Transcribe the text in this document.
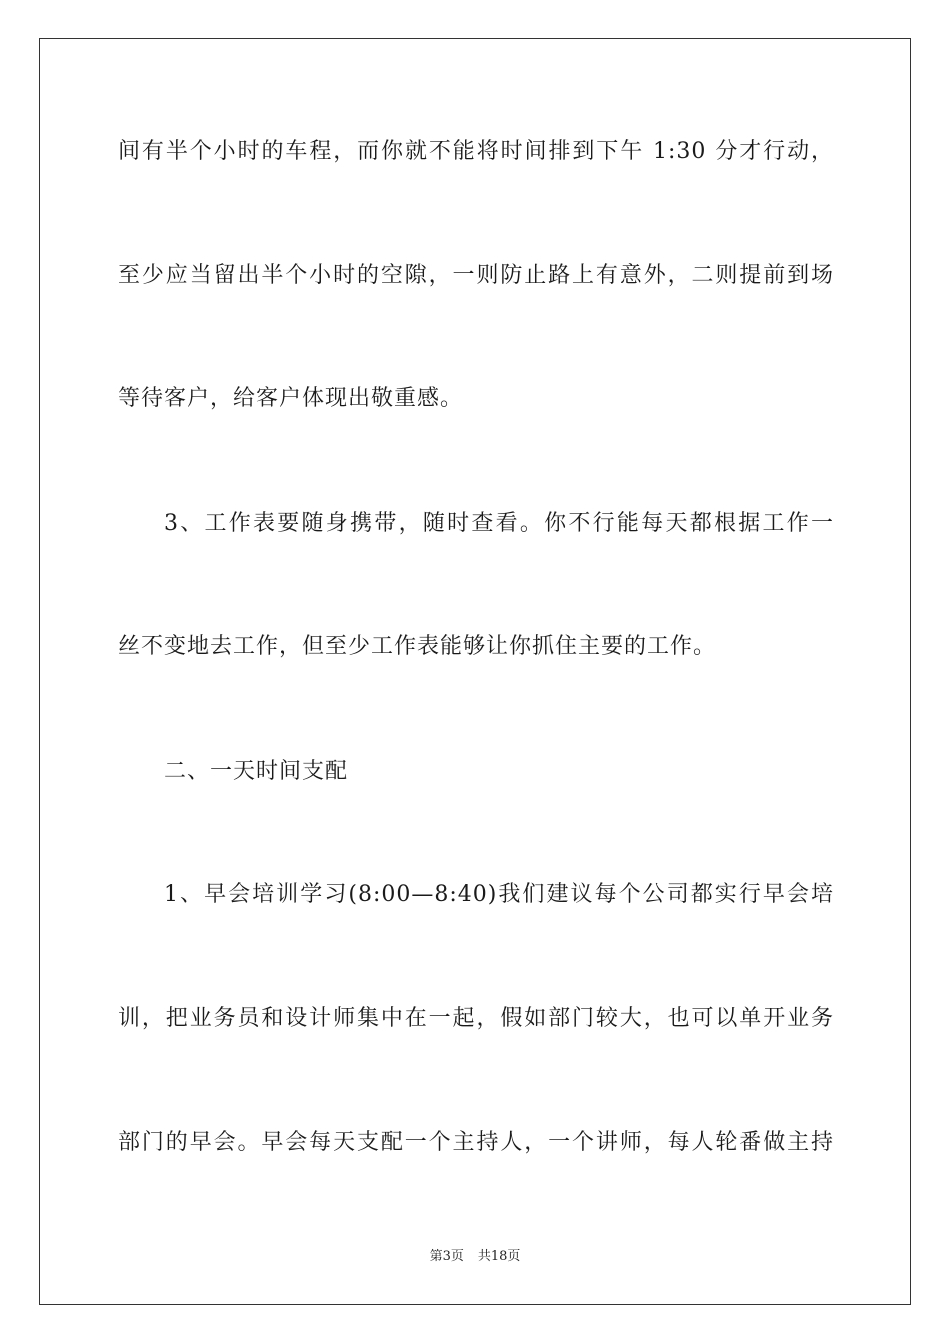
间有半个小时的车程，而你就不能将时间排到下午 1:30 分才行动，
至少应当留出半个小时的空隙，一则防止路上有意外，二则提前到场
等待客户，给客户体现出敬重感。
3、工作表要随身携带，随时查看。你不行能每天都根据工作一
丝不变地去工作，但至少工作表能够让你抓住主要的工作。
二、一天时间支配
1、早会培训学习(8:00—8:40)我们建议每个公司都实行早会培
训，把业务员和设计师集中在一起，假如部门较大，也可以单开业务
部门的早会。早会每天支配一个主持人，一个讲师，每人轮番做主持
第3页 共18页
